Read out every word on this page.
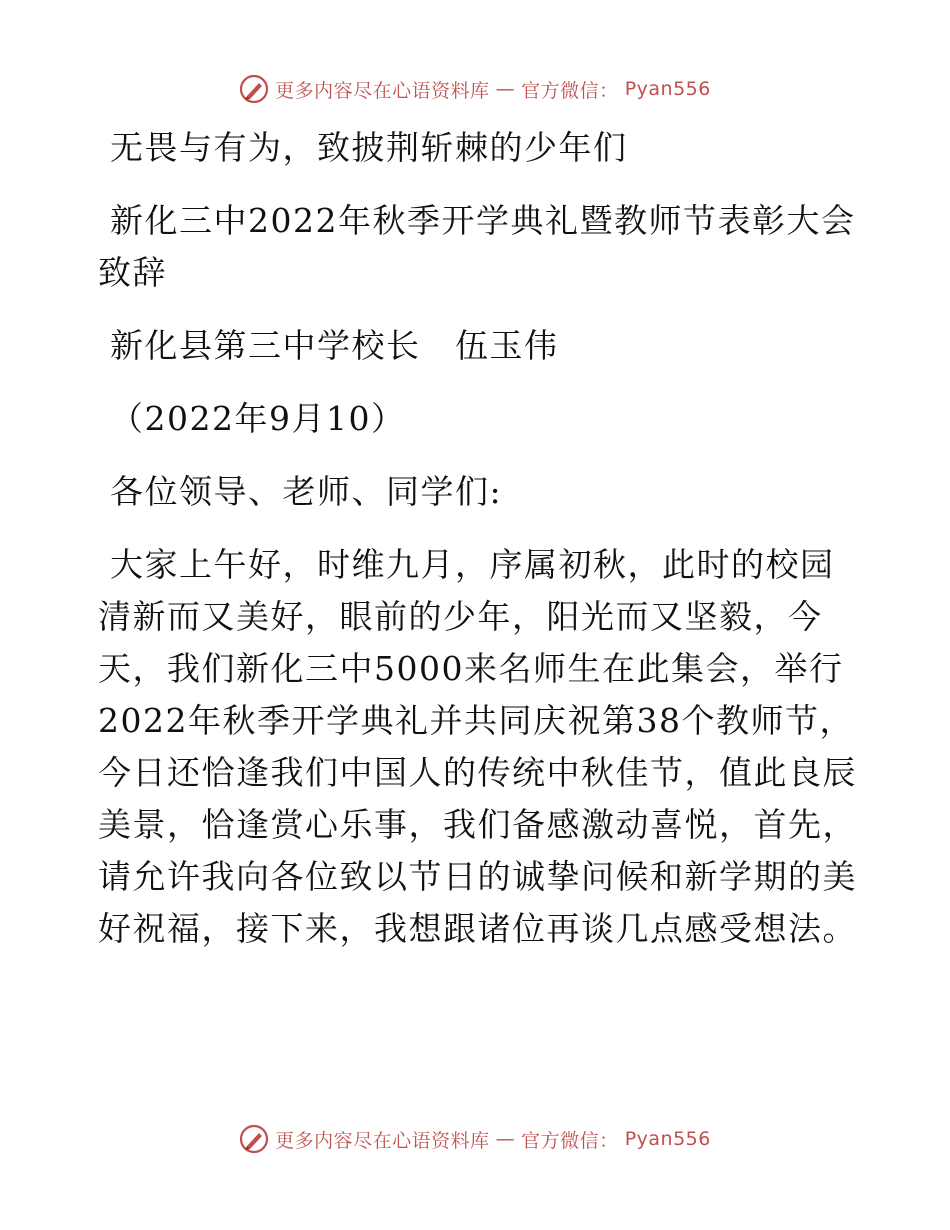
更多内容尽在心语资料库 — 官方微信： Pyan556
无畏与有为，致披荆斩棘的少年们
新化三中2022年秋季开学典礼暨教师节表彰大会致辞
新化县第三中学校长　伍玉伟
（2022年9月10）
各位领导、老师、同学们:
大家上午好，时维九月，序属初秋，此时的校园清新而又美好，眼前的少年，阳光而又坚毅，今天，我们新化三中5000来名师生在此集会，举行2022年秋季开学典礼并共同庆祝第38个教师节，今日还恰逢我们中国人的传统中秋佳节，值此良辰美景，恰逢赏心乐事，我们备感激动喜悦，首先，请允许我向各位致以节日的诚挚问候和新学期的美好祝福，接下来，我想跟诸位再谈几点感受想法。
更多内容尽在心语资料库 — 官方微信： Pyan556
